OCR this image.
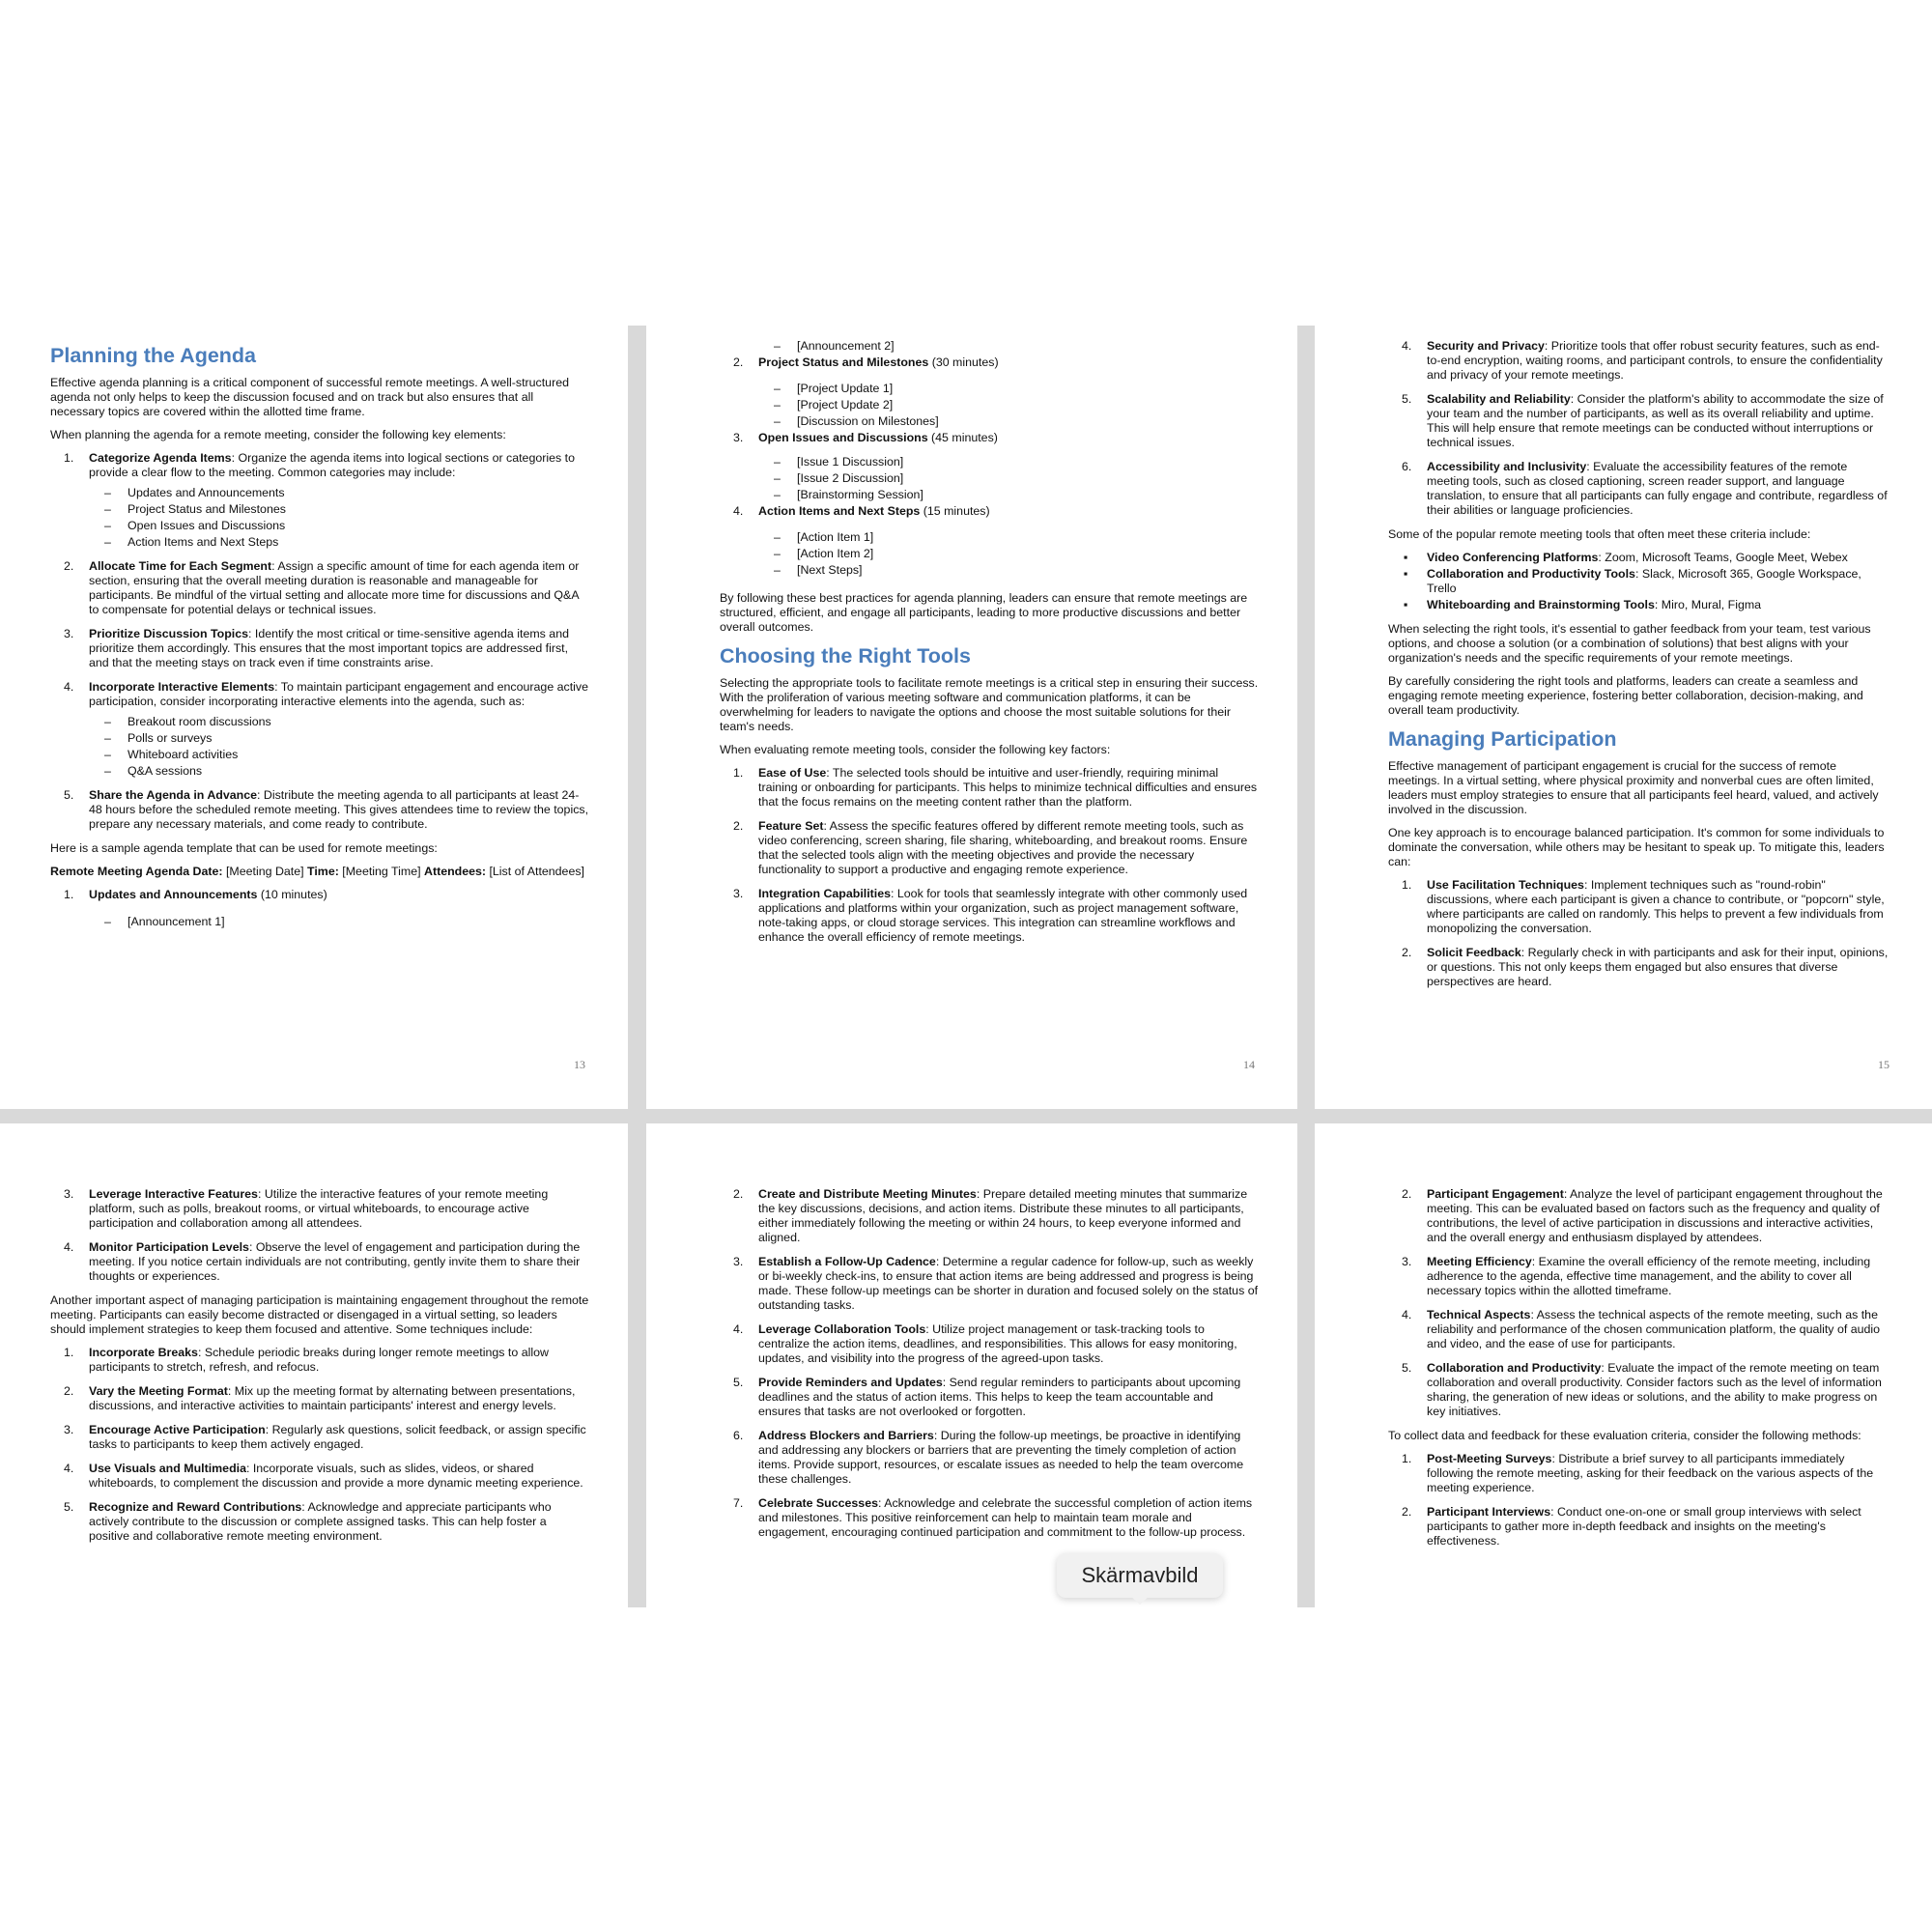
Planning the Agenda

Effective agenda planning is a critical component of successful remote meetings. A well-structured agenda not only helps to keep the discussion focused and on track but also ensures that all necessary topics are covered within the allotted time frame.

When planning the agenda for a remote meeting, consider the following key elements:

1. Categorize Agenda Items: Organize the agenda items into logical sections or categories to provide a clear flow to the meeting. Common categories may include:
– Updates and Announcements
– Project Status and Milestones
– Open Issues and Discussions
– Action Items and Next Steps
2. Allocate Time for Each Segment: Assign a specific amount of time for each agenda item or section, ensuring that the overall meeting duration is reasonable and manageable for participants. Be mindful of the virtual setting and allocate more time for discussions and Q&A to compensate for potential delays or technical issues.
3. Prioritize Discussion Topics: Identify the most critical or time-sensitive agenda items and prioritize them accordingly. This ensures that the most important topics are addressed first, and that the meeting stays on track even if time constraints arise.
4. Incorporate Interactive Elements: To maintain participant engagement and encourage active participation, consider incorporating interactive elements into the agenda, such as:
– Breakout room discussions
– Polls or surveys
– Whiteboard activities
– Q&A sessions
5. Share the Agenda in Advance: Distribute the meeting agenda to all participants at least 24-48 hours before the scheduled remote meeting. This gives attendees time to review the topics, prepare any necessary materials, and come ready to contribute.

Here is a sample agenda template that can be used for remote meetings:

Remote Meeting Agenda Date: [Meeting Date] Time: [Meeting Time] Attendees: [List of Attendees]

1. Updates and Announcements (10 minutes)
– [Announcement 1]
13
– [Announcement 2]
2. Project Status and Milestones (30 minutes)
– [Project Update 1]
– [Project Update 2]
– [Discussion on Milestones]
3. Open Issues and Discussions (45 minutes)
– [Issue 1 Discussion]
– [Issue 2 Discussion]
– [Brainstorming Session]
4. Action Items and Next Steps (15 minutes)
– [Action Item 1]
– [Action Item 2]
– [Next Steps]

By following these best practices for agenda planning, leaders can ensure that remote meetings are structured, efficient, and engage all participants, leading to more productive discussions and better overall outcomes.

Choosing the Right Tools

Selecting the appropriate tools to facilitate remote meetings is a critical step in ensuring their success. With the proliferation of various meeting software and communication platforms, it can be overwhelming for leaders to navigate the options and choose the most suitable solutions for their team's needs.

When evaluating remote meeting tools, consider the following key factors:

1. Ease of Use: The selected tools should be intuitive and user-friendly, requiring minimal training or onboarding for participants. This helps to minimize technical difficulties and ensures that the focus remains on the meeting content rather than the platform.
2. Feature Set: Assess the specific features offered by different remote meeting tools, such as video conferencing, screen sharing, file sharing, whiteboarding, and breakout rooms. Ensure that the selected tools align with the meeting objectives and provide the necessary functionality to support a productive and engaging remote experience.
3. Integration Capabilities: Look for tools that seamlessly integrate with other commonly used applications and platforms within your organization, such as project management software, note-taking apps, or cloud storage services. This integration can streamline workflows and enhance the overall efficiency of remote meetings.
14
4. Security and Privacy: Prioritize tools that offer robust security features, such as end-to-end encryption, waiting rooms, and participant controls, to ensure the confidentiality and privacy of your remote meetings.
5. Scalability and Reliability: Consider the platform's ability to accommodate the size of your team and the number of participants, as well as its overall reliability and uptime. This will help ensure that remote meetings can be conducted without interruptions or technical issues.
6. Accessibility and Inclusivity: Evaluate the accessibility features of the remote meeting tools, such as closed captioning, screen reader support, and language translation, to ensure that all participants can fully engage and contribute, regardless of their abilities or language proficiencies.

Some of the popular remote meeting tools that often meet these criteria include:

▪ Video Conferencing Platforms: Zoom, Microsoft Teams, Google Meet, Webex
▪ Collaboration and Productivity Tools: Slack, Microsoft 365, Google Workspace, Trello
▪ Whiteboarding and Brainstorming Tools: Miro, Mural, Figma

When selecting the right tools, it's essential to gather feedback from your team, test various options, and choose a solution (or a combination of solutions) that best aligns with your organization's needs and the specific requirements of your remote meetings.

By carefully considering the right tools and platforms, leaders can create a seamless and engaging remote meeting experience, fostering better collaboration, decision-making, and overall team productivity.

Managing Participation

Effective management of participant engagement is crucial for the success of remote meetings. In a virtual setting, where physical proximity and nonverbal cues are often limited, leaders must employ strategies to ensure that all participants feel heard, valued, and actively involved in the discussion.

One key approach is to encourage balanced participation. It's common for some individuals to dominate the conversation, while others may be hesitant to speak up. To mitigate this, leaders can:

1. Use Facilitation Techniques: Implement techniques such as "round-robin" discussions, where each participant is given a chance to contribute, or "popcorn" style, where participants are called on randomly. This helps to prevent a few individuals from monopolizing the conversation.
2. Solicit Feedback: Regularly check in with participants and ask for their input, opinions, or questions. This not only keeps them engaged but also ensures that diverse perspectives are heard.
15
3. Leverage Interactive Features: Utilize the interactive features of your remote meeting platform, such as polls, breakout rooms, or virtual whiteboards, to encourage active participation and collaboration among all attendees.
4. Monitor Participation Levels: Observe the level of engagement and participation during the meeting. If you notice certain individuals are not contributing, gently invite them to share their thoughts or experiences.

Another important aspect of managing participation is maintaining engagement throughout the remote meeting. Participants can easily become distracted or disengaged in a virtual setting, so leaders should implement strategies to keep them focused and attentive. Some techniques include:

1. Incorporate Breaks: Schedule periodic breaks during longer remote meetings to allow participants to stretch, refresh, and refocus.
2. Vary the Meeting Format: Mix up the meeting format by alternating between presentations, discussions, and interactive activities to maintain participants' interest and energy levels.
3. Encourage Active Participation: Regularly ask questions, solicit feedback, or assign specific tasks to participants to keep them actively engaged.
4. Use Visuals and Multimedia: Incorporate visuals, such as slides, videos, or shared whiteboards, to complement the discussion and provide a more dynamic meeting experience.
5. Recognize and Reward Contributions: Acknowledge and appreciate participants who actively contribute to the discussion or complete assigned tasks. This can help foster a positive and collaborative remote meeting environment.
2. Create and Distribute Meeting Minutes: Prepare detailed meeting minutes that summarize the key discussions, decisions, and action items. Distribute these minutes to all participants, either immediately following the meeting or within 24 hours, to keep everyone informed and aligned.
3. Establish a Follow-Up Cadence: Determine a regular cadence for follow-up, such as weekly or bi-weekly check-ins, to ensure that action items are being addressed and progress is being made. These follow-up meetings can be shorter in duration and focused solely on the status of outstanding tasks.
4. Leverage Collaboration Tools: Utilize project management or task-tracking tools to centralize the action items, deadlines, and responsibilities. This allows for easy monitoring, updates, and visibility into the progress of the agreed-upon tasks.
5. Provide Reminders and Updates: Send regular reminders to participants about upcoming deadlines and the status of action items. This helps to keep the team accountable and ensures that tasks are not overlooked or forgotten.
6. Address Blockers and Barriers: During the follow-up meetings, be proactive in identifying and addressing any blockers or barriers that are preventing the timely completion of action items. Provide support, resources, or escalate issues as needed to help the team overcome these challenges.
7. Celebrate Successes: Acknowledge and celebrate the successful completion of action items and milestones. This positive reinforcement can help to maintain team morale and engagement, encouraging continued participation and commitment to the follow-up process.
2. Participant Engagement: Analyze the level of participant engagement throughout the meeting. This can be evaluated based on factors such as the frequency and quality of contributions, the level of active participation in discussions and interactive activities, and the overall energy and enthusiasm displayed by attendees.
3. Meeting Efficiency: Examine the overall efficiency of the remote meeting, including adherence to the agenda, effective time management, and the ability to cover all necessary topics within the allotted timeframe.
4. Technical Aspects: Assess the technical aspects of the remote meeting, such as the reliability and performance of the chosen communication platform, the quality of audio and video, and the ease of use for participants.
5. Collaboration and Productivity: Evaluate the impact of the remote meeting on team collaboration and overall productivity. Consider factors such as the level of information sharing, the generation of new ideas or solutions, and the ability to make progress on key initiatives.

To collect data and feedback for these evaluation criteria, consider the following methods:

1. Post-Meeting Surveys: Distribute a brief survey to all participants immediately following the remote meeting, asking for their feedback on the various aspects of the meeting experience.
2. Participant Interviews: Conduct one-on-one or small group interviews with select participants to gather more in-depth feedback and insights on the meeting's effectiveness.
Skärmavbild
